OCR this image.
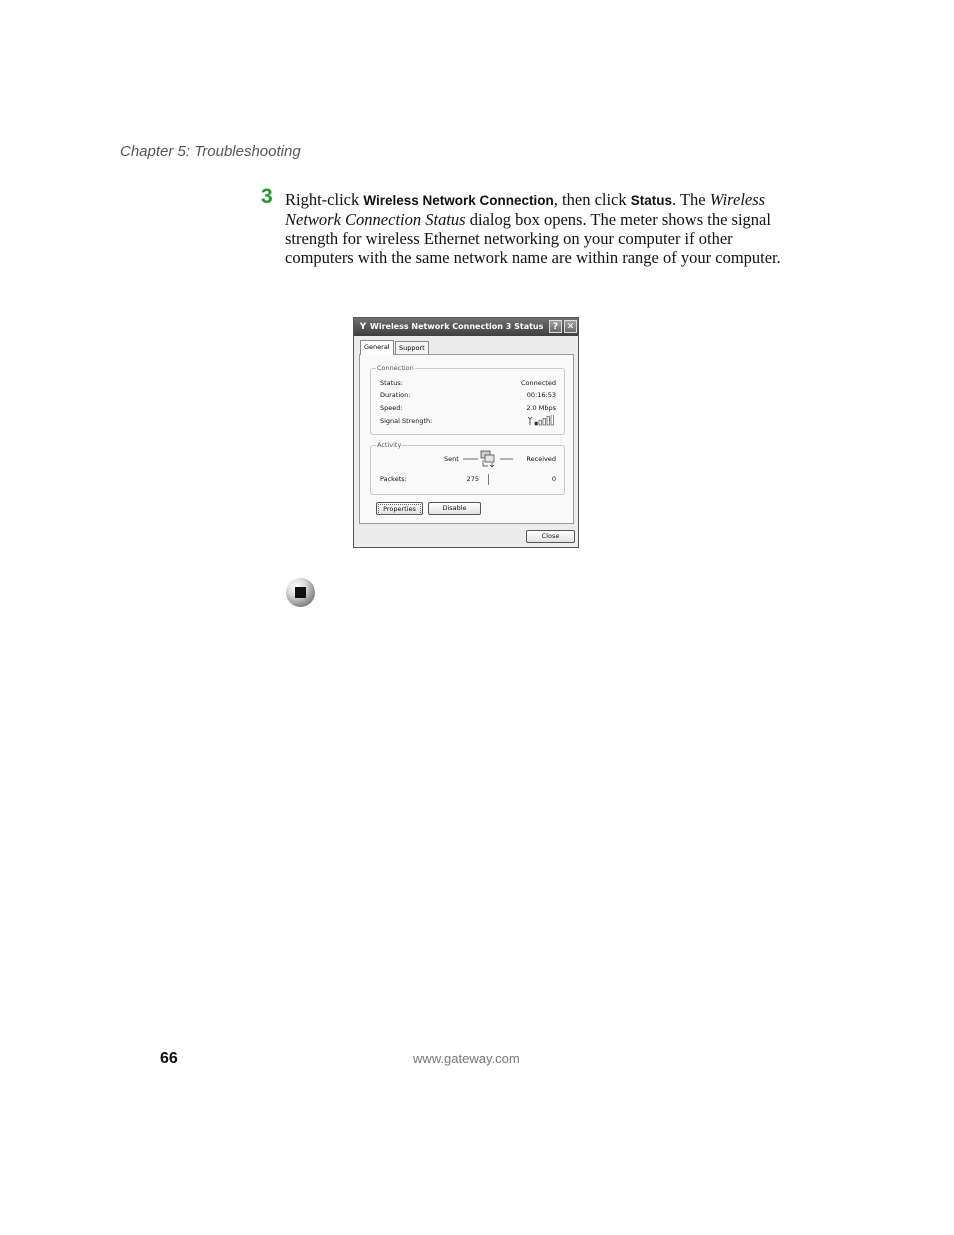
Chapter 5: Troubleshooting
3 Right-click Wireless Network Connection, then click Status. The Wireless Network Connection Status dialog box opens. The meter shows the signal strength for wireless Ethernet networking on your computer if other computers with the same network name are within range of your computer.
Y Wireless Network Connection 3 Status	? ✕
General	Support
Connection
Status:	Connected
Duration:	00:16:53
Speed:	2.0 Mbps
Signal Strength:
Activity
Sent	Received
Packets:	275	0
Properties	Disable
Close
66	www.gateway.com
